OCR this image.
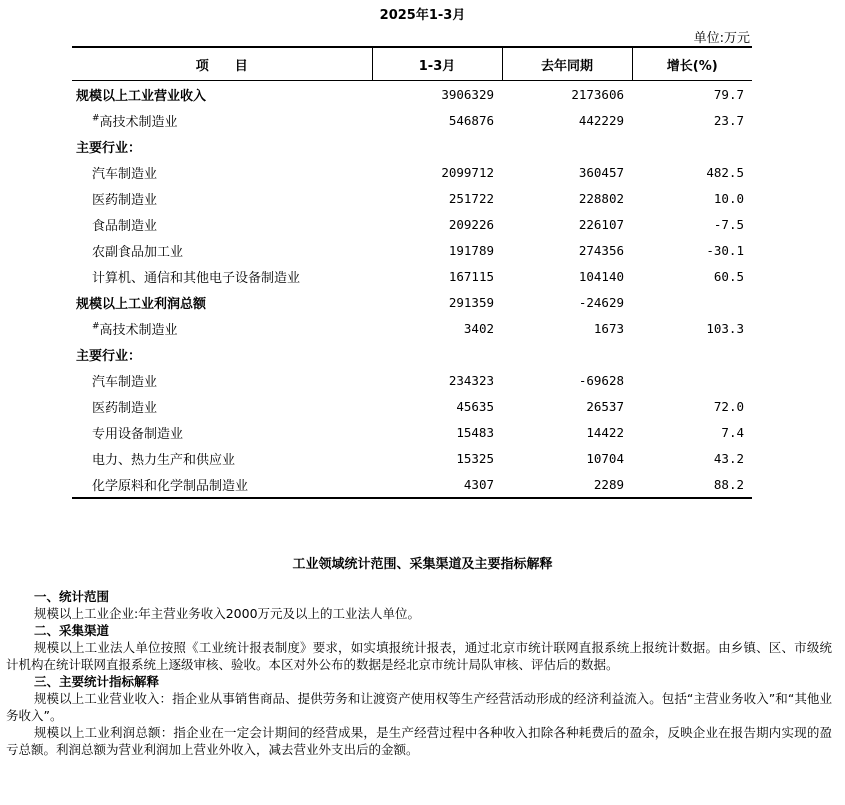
2025年1-3月
单位:万元
项　　目	1-3月	去年同期	增长(%)
规模以上工业营业收入	3906329	2173606	79.7
#高技术制造业	546876	442229	23.7
主要行业：			
汽车制造业	2099712	360457	482.5
医药制造业	251722	228802	10.0
食品制造业	209226	226107	-7.5
农副食品加工业	191789	274356	-30.1
计算机、通信和其他电子设备制造业	167115	104140	60.5
规模以上工业利润总额	291359	-24629	
#高技术制造业	3402	1673	103.3
主要行业：			
汽车制造业	234323	-69628	
医药制造业	45635	26537	72.0
专用设备制造业	15483	14422	7.4
电力、热力生产和供应业	15325	10704	43.2
化学原料和化学制品制造业	4307	2289	88.2
工业领域统计范围、采集渠道及主要指标解释
一、统计范围

规模以上工业企业:年主营业务收入2000万元及以上的工业法人单位。

二、采集渠道

规模以上工业法人单位按照《工业统计报表制度》要求，如实填报统计报表，通过北京市统计联网直报系统上报统计数据。由乡镇、区、市级统计机构在统计联网直报系统上逐级审核、验收。本区对外公布的数据是经北京市统计局队审核、评估后的数据。

三、主要统计指标解释

规模以上工业营业收入：指企业从事销售商品、提供劳务和让渡资产使用权等生产经营活动形成的经济利益流入。包括“主营业务收入”和“其他业务收入”。

规模以上工业利润总额：指企业在一定会计期间的经营成果，是生产经营过程中各种收入扣除各种耗费后的盈余，反映企业在报告期内实现的盈亏总额。利润总额为营业利润加上营业外收入，减去营业外支出后的金额。
